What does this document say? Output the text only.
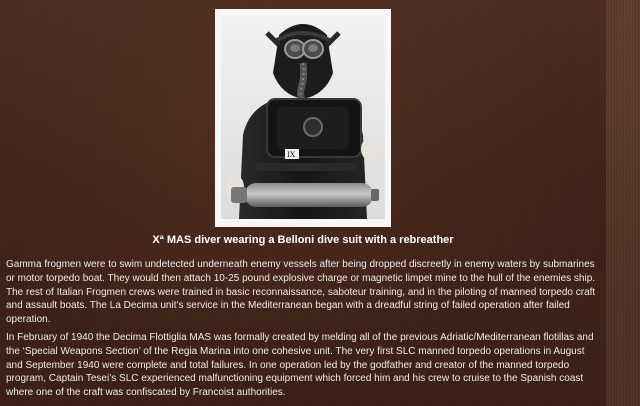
IX
Xª MAS diver wearing a Belloni dive suit with a rebreather

Gamma frogmen were to swim undetected underneath enemy vessels after being dropped discreetly in enemy waters by submarines or motor torpedo boat. They would then attach 10-25 pound explosive charge or magnetic limpet mine to the hull of the enemies ship. The rest of Italian Frogmen crews were trained in basic reconnaissance, saboteur training, and in the piloting of manned torpedo craft and assault boats. The La Decima unit’s service in the Mediterranean began with a dreadful string of failed operation after failed operation.

In February of 1940 the Decima Flottiglia MAS was formally created by melding all of the previous Adriatic/Mediterranean flotillas and the ‘Special Weapons Section’ of the Regia Marina into one cohesive unit. The very first SLC manned torpedo operations in August and September 1940 were complete and total failures. In one operation led by the godfather and creator of the manned torpedo program, Captain Tesei’s SLC experienced malfunctioning equipment which forced him and his crew to cruise to the Spanish coast where one of the craft was confiscated by Francoist authorities.
